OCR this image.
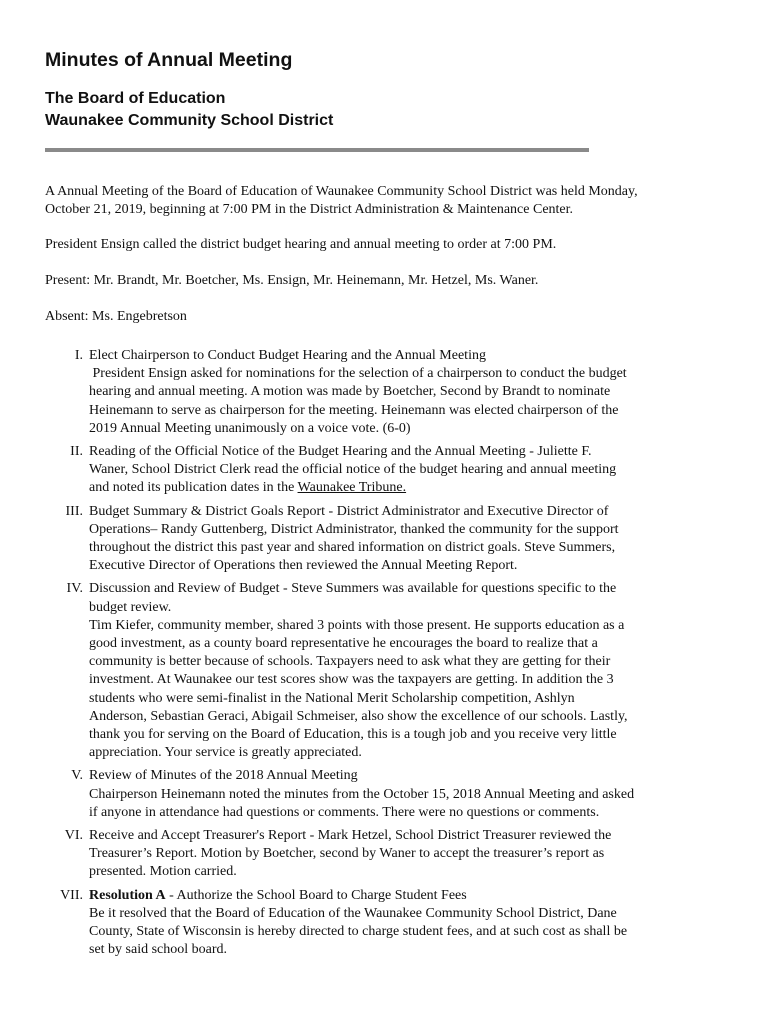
Minutes of Annual Meeting
The Board of Education
Waunakee Community School District

A Annual Meeting of the Board of Education of Waunakee Community School District was held Monday,
October 21, 2019, beginning at 7:00 PM in the District Administration & Maintenance Center.

President Ensign called the district budget hearing and annual meeting to order at 7:00 PM.

Present: Mr. Brandt, Mr. Boetcher, Ms. Ensign, Mr. Heinemann, Mr. Hetzel, Ms. Waner.

Absent: Ms. Engebretson

I. Elect Chairperson to Conduct Budget Hearing and the Annual Meeting
President Ensign asked for nominations for the selection of a chairperson to conduct the budget
hearing and annual meeting. A motion was made by Boetcher, Second by Brandt to nominate
Heinemann to serve as chairperson for the meeting. Heinemann was elected chairperson of the
2019 Annual Meeting unanimously on a voice vote. (6-0)
II. Reading of the Official Notice of the Budget Hearing and the Annual Meeting - Juliette F.
Waner, School District Clerk read the official notice of the budget hearing and annual meeting
and noted its publication dates in the Waunakee Tribune.
III. Budget Summary & District Goals Report - District Administrator and Executive Director of
Operations– Randy Guttenberg, District Administrator, thanked the community for the support
throughout the district this past year and shared information on district goals. Steve Summers,
Executive Director of Operations then reviewed the Annual Meeting Report.
IV. Discussion and Review of Budget - Steve Summers was available for questions specific to the
budget review.
Tim Kiefer, community member, shared 3 points with those present. He supports education as a
good investment, as a county board representative he encourages the board to realize that a
community is better because of schools. Taxpayers need to ask what they are getting for their
investment. At Waunakee our test scores show was the taxpayers are getting. In addition the 3
students who were semi-finalist in the National Merit Scholarship competition, Ashlyn
Anderson, Sebastian Geraci, Abigail Schmeiser, also show the excellence of our schools. Lastly,
thank you for serving on the Board of Education, this is a tough job and you receive very little
appreciation. Your service is greatly appreciated.
V. Review of Minutes of the 2018 Annual Meeting
Chairperson Heinemann noted the minutes from the October 15, 2018 Annual Meeting and asked
if anyone in attendance had questions or comments. There were no questions or comments.
VI. Receive and Accept Treasurer's Report - Mark Hetzel, School District Treasurer reviewed the
Treasurer’s Report. Motion by Boetcher, second by Waner to accept the treasurer’s report as
presented. Motion carried.
VII. Resolution A - Authorize the School Board to Charge Student Fees
Be it resolved that the Board of Education of the Waunakee Community School District, Dane
County, State of Wisconsin is hereby directed to charge student fees, and at such cost as shall be
set by said school board.
